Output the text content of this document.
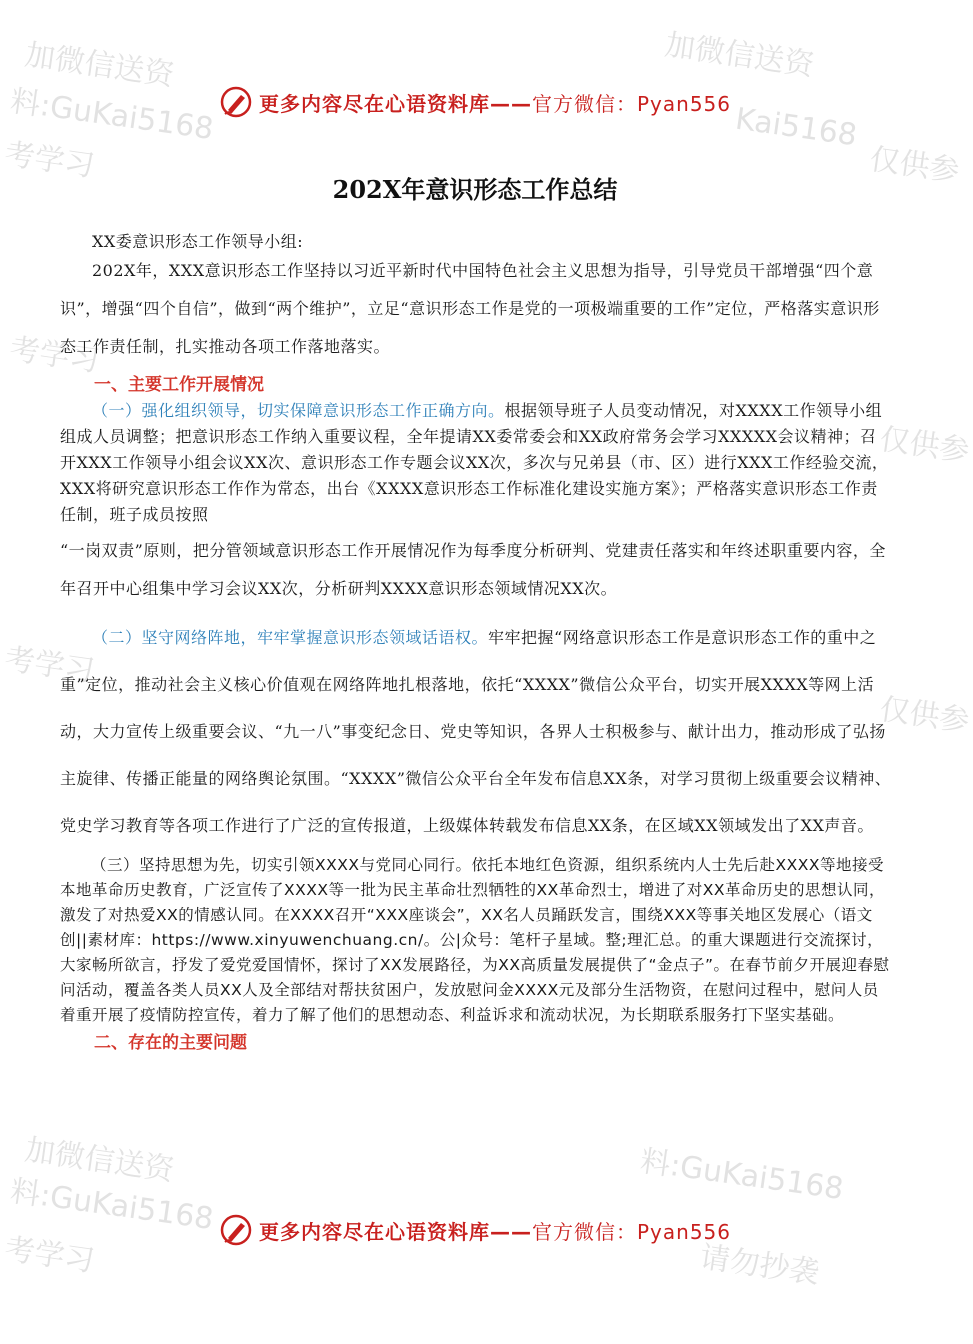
加微信送资
料:GuKai5168
考学习	仅供参
加微信送资
Kai5168
考学习
仅供参
考学习
仅供参
加微信送资
料:GuKai5168	料:GuKai5168
考学习	请勿抄袭
更多内容尽在心语资料库——官方微信：Pyan556
202X年意识形态工作总结

XX委意识形态工作领导小组:

202X年，XXX意识形态工作坚持以习近平新时代中国特色社会主义思想为指导，引导党员干部增强“四个意识”，增强“四个自信”，做到“两个维护”，立足“意识形态工作是党的一项极端重要的工作”定位，严格落实意识形态工作责任制，扎实推动各项工作落地落实。

一、主要工作开展情况

（一）强化组织领导，切实保障意识形态工作正确方向。根据领导班子人员变动情况，对XXXX工作领导小组组成人员调整；把意识形态工作纳入重要议程，全年提请XX委常委会和XX政府常务会学习XXXXX会议精神；召开XXX工作领导小组会议XX次、意识形态工作专题会议XX次，多次与兄弟县（市、区）进行XXX工作经验交流，XXX将研究意识形态工作作为常态，出台《XXXX意识形态工作标准化建设实施方案》；严格落实意识形态工作责任制，班子成员按照

“一岗双责”原则，把分管领域意识形态工作开展情况作为每季度分析研判、党建责任落实和年终述职重要内容，全年召开中心组集中学习会议XX次，分析研判XXXX意识形态领域情况XX次。

（二）坚守网络阵地，牢牢掌握意识形态领域话语权。牢牢把握“网络意识形态工作是意识形态工作的重中之重”定位，推动社会主义核心价值观在网络阵地扎根落地，依托“XXXX”微信公众平台，切实开展XXXX等网上活动，大力宣传上级重要会议、“九一八”事变纪念日、党史等知识，各界人士积极参与、献计出力，推动形成了弘扬主旋律、传播正能量的网络舆论氛围。“XXXX”微信公众平台全年发布信息XX条，对学习贯彻上级重要会议精神、党史学习教育等各项工作进行了广泛的宣传报道，上级媒体转载发布信息XX条，在区域XX领域发出了XX声音。

（三）坚持思想为先，切实引领XXXX与党同心同行。依托本地红色资源，组织系统内人士先后赴XXXX等地接受本地革命历史教育，广泛宣传了XXXX等一批为民主革命壮烈牺牲的XX革命烈士，增进了对XX革命历史的思想认同，激发了对热爱XX的情感认同。在XXXX召开“XXX座谈会”，XX名人员踊跃发言，围绕XXX等事关地区发展心（语文创||素材库：https://www.xinyuwenchuang.cn/。公|众号：笔杆子星域。整;理汇总。的重大课题进行交流探讨，大家畅所欲言，抒发了爱党爱国情怀，探讨了XX发展路径，为XX高质量发展提供了“金点子”。在春节前夕开展迎春慰问活动，覆盖各类人员XX人及全部结对帮扶贫困户，发放慰问金XXXX元及部分生活物资，在慰问过程中，慰问人员着重开展了疫情防控宣传，着力了解了他们的思想动态、利益诉求和流动状况，为长期联系服务打下坚实基础。

二、存在的主要问题

更多内容尽在心语资料库——官方微信：Pyan556
